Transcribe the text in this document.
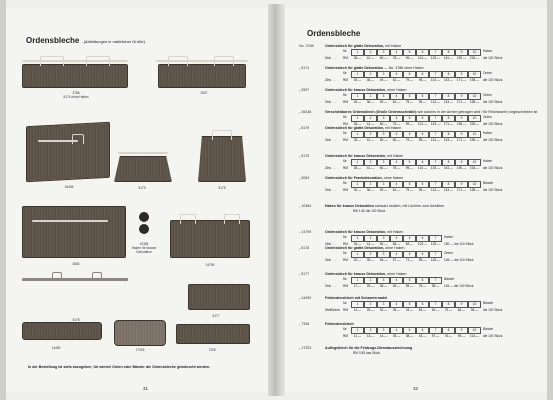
Ordensbleche (Abbildungen in natürlicher Größe)
3786
5174 ohne Haken
2507
16436	5179	5175
3084
10384
Haken für krause Dekoration
14799
5178
5177
14490	17203	7328
In der Bestellung ist stets anzugeben, für wieviel Orden oder Bänder die Ordensbleche gewünscht werden.
31
Ordensbleche
No. 3786	Ordensblech für glatte Dekoration, mit Haken
für	1	2	3	4	5	6	7	8	9	10	Haken
Zink . . .	RM	35.—	41.—	60.—	78.—	95.—	114.—	133.—	161.—	190.—	218.—	die 100 Stück
„ 5174	Ordensblech für glatte Dekoration — No. 3786 ohne Haken
für	1	2	3	4	5	6	7	8	9	10	Orden
Zink . . .	RM	30.—	36.—	49.—	62.—	79.—	95.—	114.—	143.—	171.—	198.—	die 100 Stück
„ 2507	Ordensblech für krause Dekoration, ohne Haken
für	1	2	3	4	5	6	7	8	9	10	Orden
Zink . . .	RM	26.—	36.—	49.—	61.—	75.—	95.—	114.—	143.—	171.—	198.—	die 100 Stück
„ 16436	Verschiebbares Ordensblech (Große Ordensschnalle) wie solches in der Armee getragen wird / für Reichswehr vorgeschrieben ist
für	1	2	3	4	5	6	7	8	9	10	Orden
RM	35.—	41.—	60.—	75.—	95.—	114.—	143.—	171.—	198.—	228.—	die 100 Stück
„ 5179	Ordensblech für glatte Dekoration, mit Haken
für	1	2	3	4	5	6	7	8	9	10	Haken
Zink . . .	RM	35.—	41.—	50.—	60.—	75.—	95.—	114.—	143.—	171.—	198.—	die 100 Stück
„ 5175	Ordensblech für krause Dekoration, mit Haken
für	1	2	3	4	5	6	7	8	9	10	Haken
Zink . . .	RM	35.—	41.—	60.—	78.—	95.—	114.—	133.—	161.—	190.—	218.—	die 100 Stück
„ 3084	Ordensblech für Frackdekoration, ohne Haken
für	1	2	3	4	5	6	7	8	9	10	Bänder
Zink . . .	RM	30.—	36.—	49.—	61.—	79.—	95.—	114.—	143.—	171.—	198.—	die 100 Stück
„ 10384	Haken für krause Dekoration schwarz lackiert, mit Löchern zum Annähen
RM 1.60 die 100 Stück
„ 14799	Ordensblech für krause Dekoration, mit Haken
für	1	2	3	4	5	6	7	Haken
Zink . . .	RM	34.—	41.—	50.—	66.—	83.—	104.—	125.—	150.— die 100 Stück
„ 5178	Ordensblech für glatte Dekoration, ohne Haken
für	1	2	3	4	5	6	7	Orden
Zink . . .	RM	20.—	35.—	45.—	57.—	71.—	95.—	118.—	145.— die 100 Stück
„ 5177	Ordensblech für krause Dekoration, ohne Haken
für	1	2	3	4	5	6	7	Bänder
Zink . . .	RM	17.—	25.—	35.—	45.—	59.—	78.—	98.—	118.— die 100 Stück
„ 14490	Feldordensblech mit Scharniernadel
für	1	2	3	4	5	6	7	8	9	10	Bänder
Weißblech RM	14.—	25.—	32.—	35.—	43.—	53.—	64.—	75.—	84.—	95.—	die 100 Stück
„ 7328	Feldordensblech
für	1	2	3	4	5	6	7	8	9	10	Bänder
RM	11.—	13.—	14.—	35.—	38.—	43.—	57.—	76.—	95.—	114.—	die 100 Stück
„ 17203	Auflegeblech für die Feldzugs-Dienstauszeichnung
RM 0.55 das Stück
32
